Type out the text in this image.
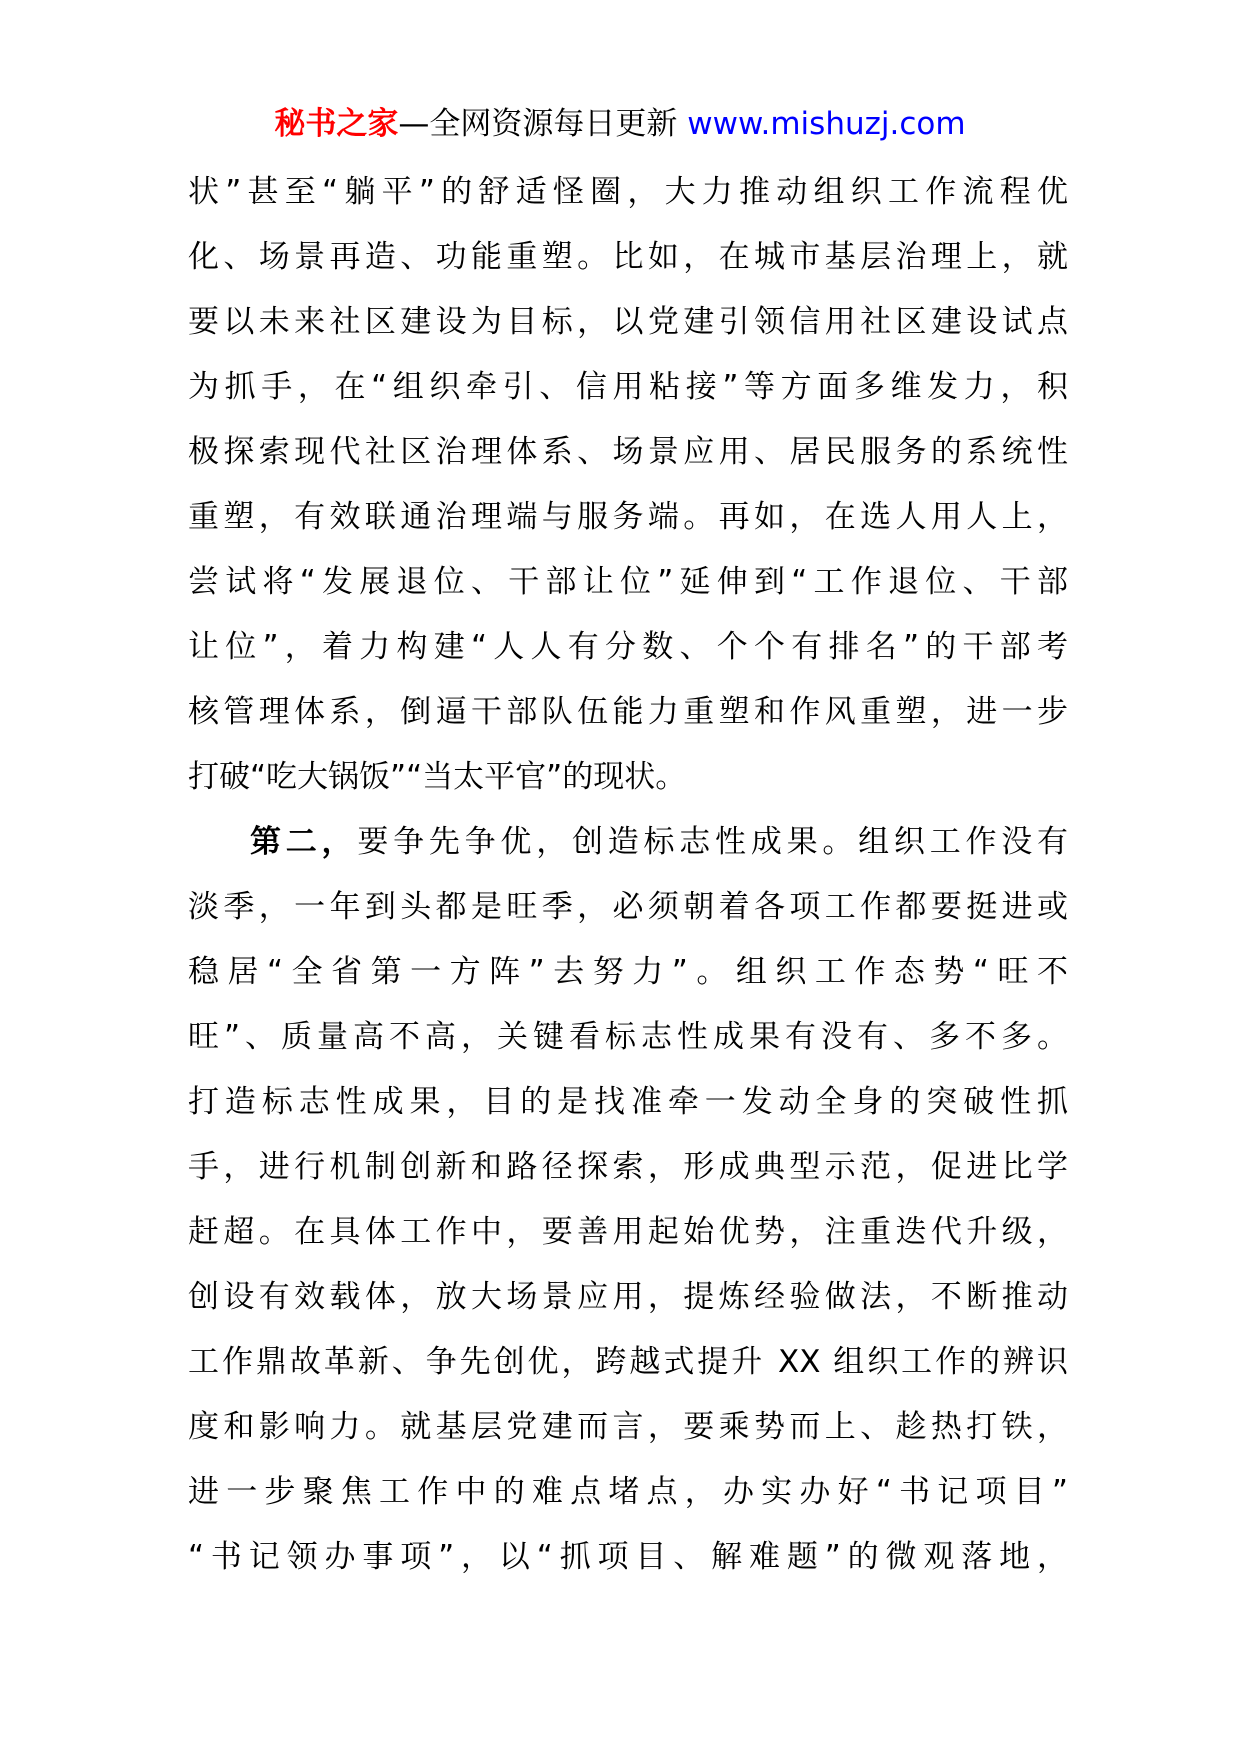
秘书之家—全网资源每日更新 www.mishuzj.com
状”甚至“躺平”的舒适怪圈，大力推动组织工作流程优
化、场景再造、功能重塑。比如，在城市基层治理上，就
要以未来社区建设为目标，以党建引领信用社区建设试点
为抓手，在“组织牵引、信用粘接”等方面多维发力，积
极探索现代社区治理体系、场景应用、居民服务的系统性
重塑，有效联通治理端与服务端。再如，在选人用人上，
尝试将“发展退位、干部让位”延伸到“工作退位、干部
让位”，着力构建“人人有分数、个个有排名”的干部考
核管理体系，倒逼干部队伍能力重塑和作风重塑，进一步
打破“吃大锅饭”“当太平官”的现状。
第二，要争先争优，创造标志性成果。组织工作没有
淡季，一年到头都是旺季，必须朝着各项工作都要挺进或
稳居“全省第一方阵”去努力”。组织工作态势“旺不
旺”、质量高不高，关键看标志性成果有没有、多不多。
打造标志性成果，目的是找准牵一发动全身的突破性抓
手，进行机制创新和路径探索，形成典型示范，促进比学
赶超。在具体工作中，要善用起始优势，注重迭代升级，
创设有效载体，放大场景应用，提炼经验做法，不断推动
工作鼎故革新、争先创优，跨越式提升 XX 组织工作的辨识
度和影响力。就基层党建而言，要乘势而上、趁热打铁，
进一步聚焦工作中的难点堵点，办实办好“书记项目”
“书记领办事项”，以“抓项目、解难题”的微观落地，
